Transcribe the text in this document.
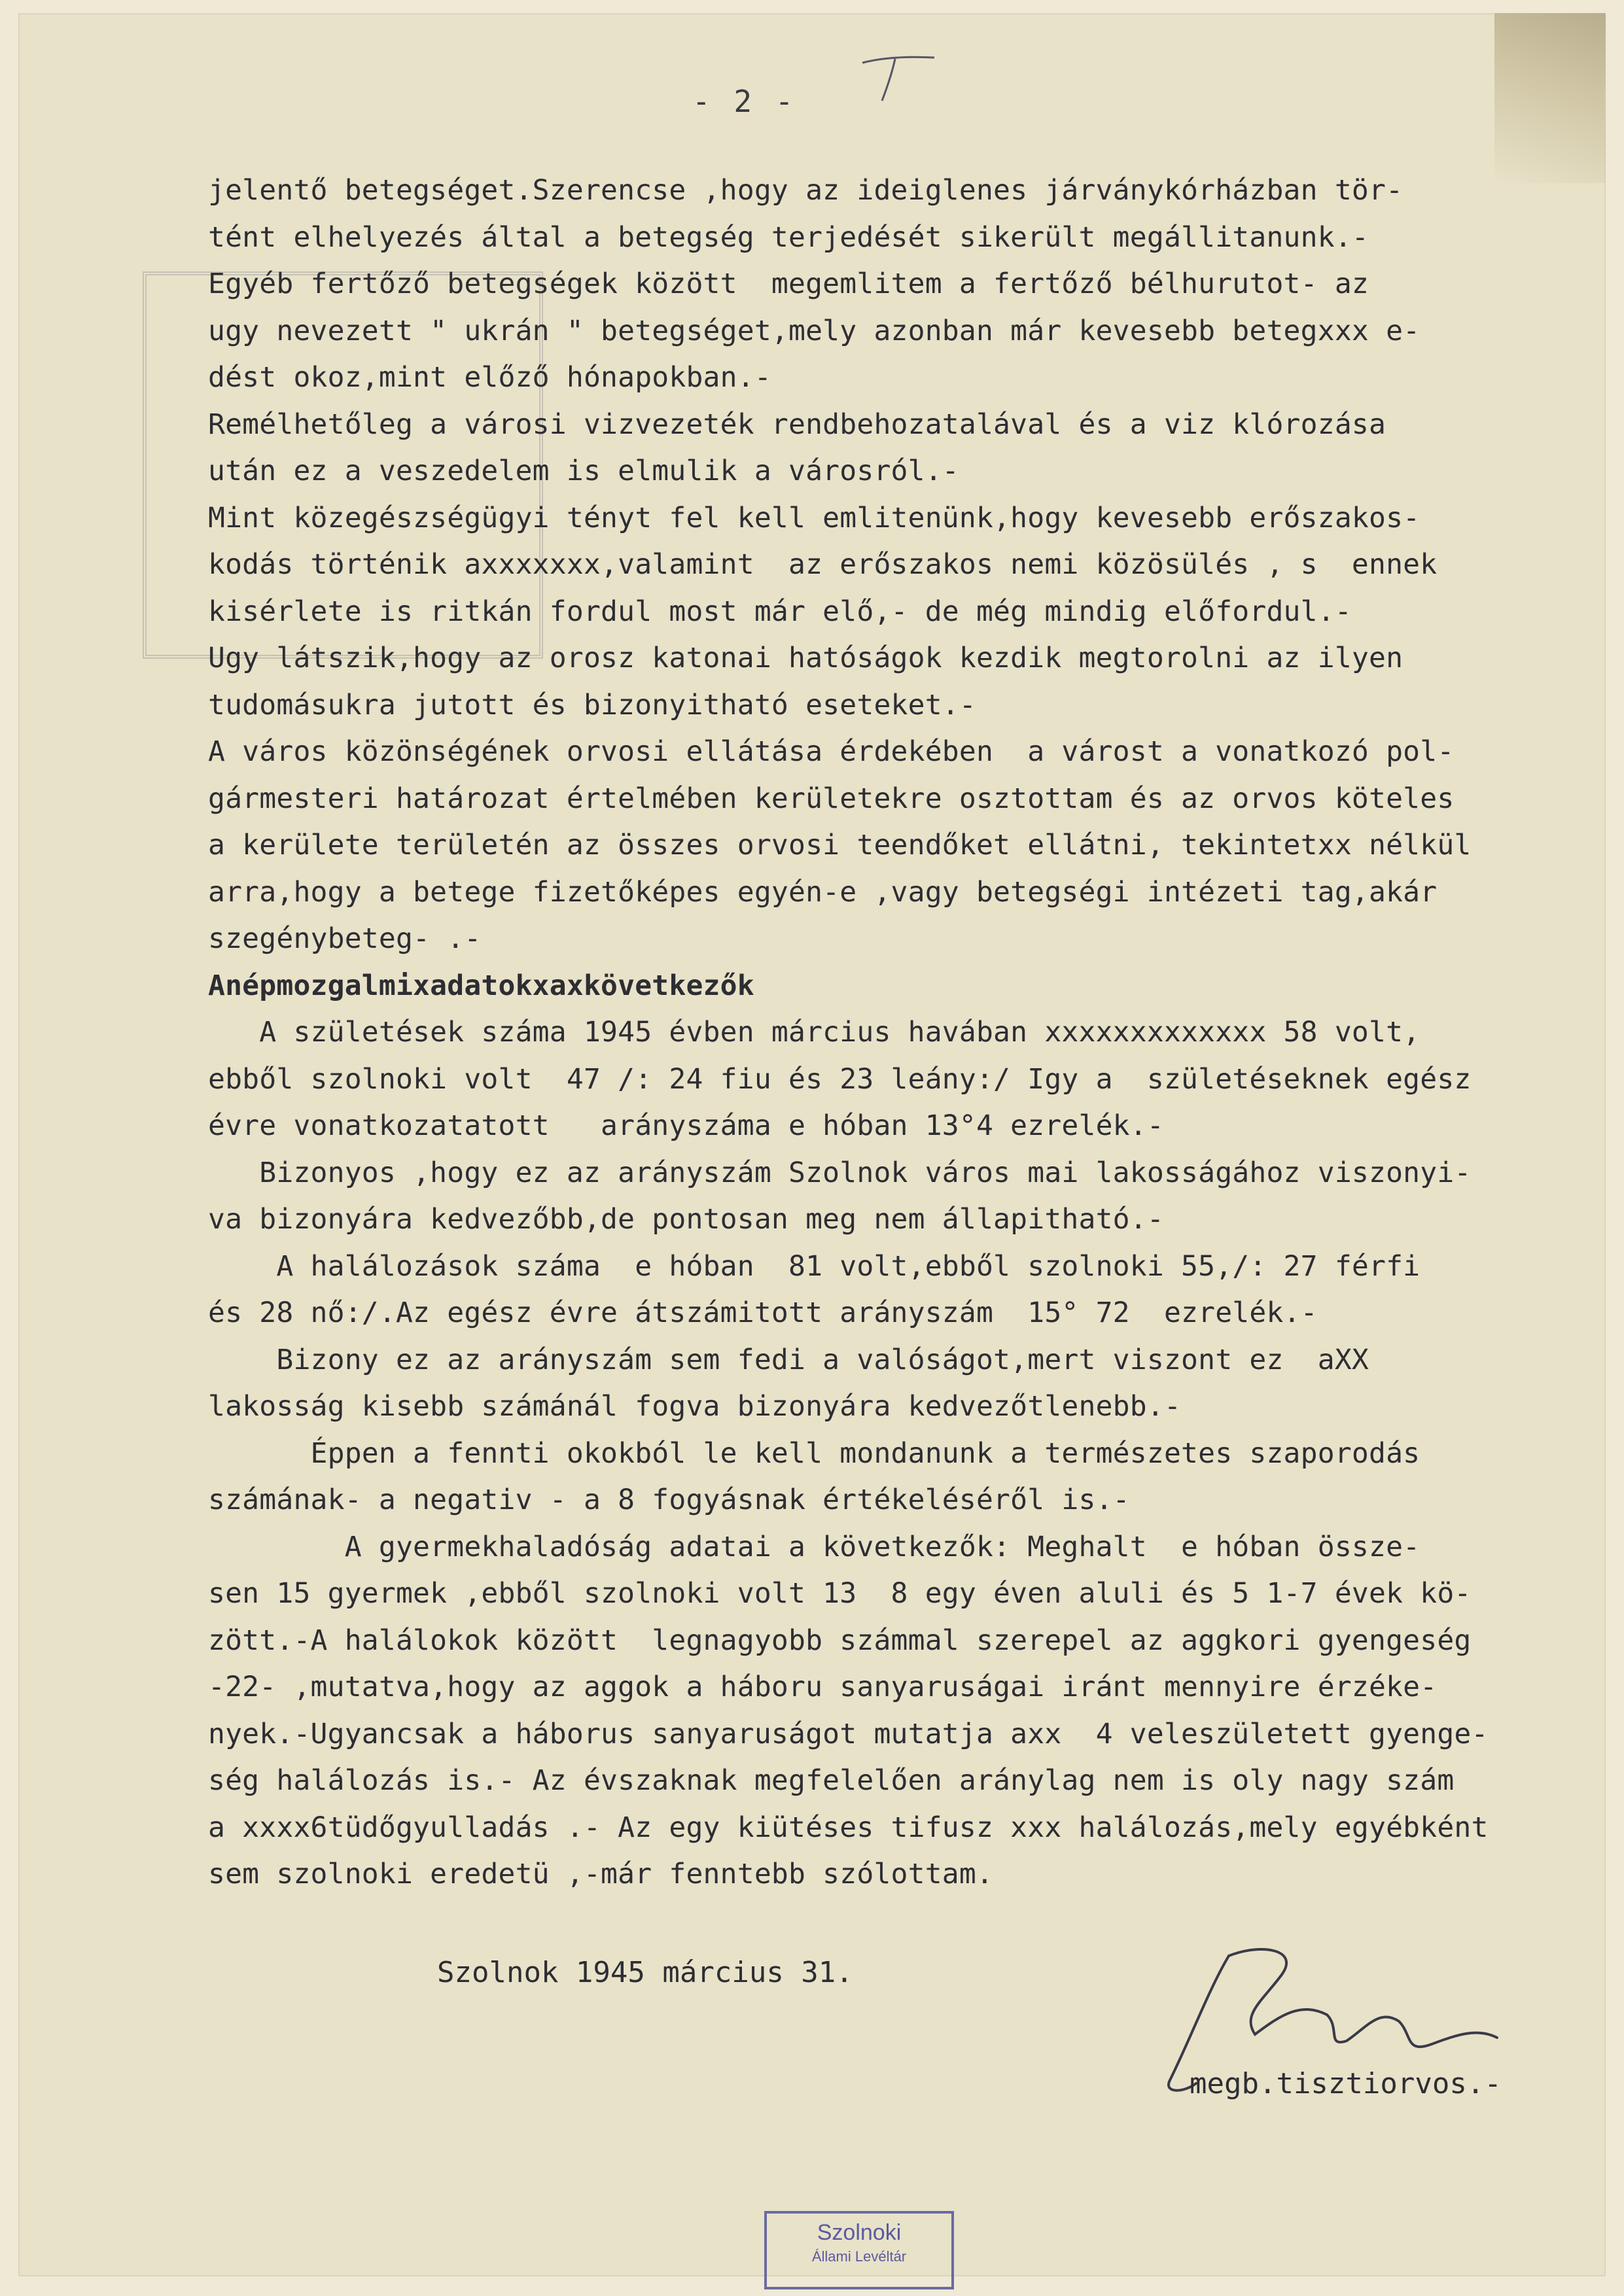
- 2 -
jelentő betegséget.Szerencse ,hogy az ideiglenes járványkórházban tör-
tént elhelyezés által a betegség terjedését sikerült megállitanunk.-
Egyéb fertőző betegségek között  megemlitem a fertőző bélhurutot- az
ugy nevezett " ukrán " betegséget,mely azonban már kevesebb betegxxx e-
dést okoz,mint előző hónapokban.-
Remélhetőleg a városi vizvezeték rendbehozatalával és a viz klórozása
után ez a veszedelem is elmulik a városról.-
Mint közegészségügyi tényt fel kell emlitenünk,hogy kevesebb erőszakos-
kodás történik axxxxxxx,valamint  az erőszakos nemi közösülés , s  ennek
kisérlete is ritkán fordul most már elő,- de még mindig előfordul.-
Ugy látszik,hogy az orosz katonai hatóságok kezdik megtorolni az ilyen
tudomásukra jutott és bizonyitható eseteket.-
A város közönségének orvosi ellátása érdekében  a várost a vonatkozó pol-
gármesteri határozat értelmében kerületekre osztottam és az orvos köteles
a kerülete területén az összes orvosi teendőket ellátni, tekintetxx nélkül
arra,hogy a betege fizetőképes egyén-e ,vagy betegségi intézeti tag,akár
szegénybeteg- .-
Anépmozgalmixadatokxaxkövetkezők
A születések száma 1945 évben március havában xxxxxxxxxxxxx 58 volt,
ebből szolnoki volt  47 /: 24 fiu és 23 leány:/ Igy a  születéseknek egész
évre vonatkozatatott   arányszáma e hóban 13°4 ezrelék.-
Bizonyos ,hogy ez az arányszám Szolnok város mai lakosságához viszonyi-
va bizonyára kedvezőbb,de pontosan meg nem állapitható.-
A halálozások száma  e hóban  81 volt,ebből szolnoki 55,/: 27 férfi
és 28 nő:/.Az egész évre átszámitott arányszám  15° 72  ezrelék.-
Bizony ez az arányszám sem fedi a valóságot,mert viszont ez  aXX
lakosság kisebb számánál fogva bizonyára kedvezőtlenebb.-
Éppen a fennti okokból le kell mondanunk a természetes szaporodás
számának- a negativ - a 8 fogyásnak értékeléséről is.-
A gyermekhaladóság adatai a következők: Meghalt  e hóban össze-
sen 15 gyermek ,ebből szolnoki volt 13  8 egy éven aluli és 5 1-7 évek kö-
zött.-A halálokok között  legnagyobb számmal szerepel az aggkori gyengeség
-22- ,mutatva,hogy az aggok a háboru sanyaruságai iránt mennyire érzéke-
nyek.-Ugyancsak a háborus sanyaruságot mutatja axx  4 veleszületett gyenge-
ség halálozás is.- Az évszaknak megfelelően aránylag nem is oly nagy szám
a xxxx6tüdőgyulladás .- Az egy kiütéses tifusz xxx halálozás,mely egyébként
sem szolnoki eredetü ,-már fenntebb szólottam.
Szolnok 1945 március 31.
megb.tisztiorvos.-
Szolnoki
Állami Levéltár
